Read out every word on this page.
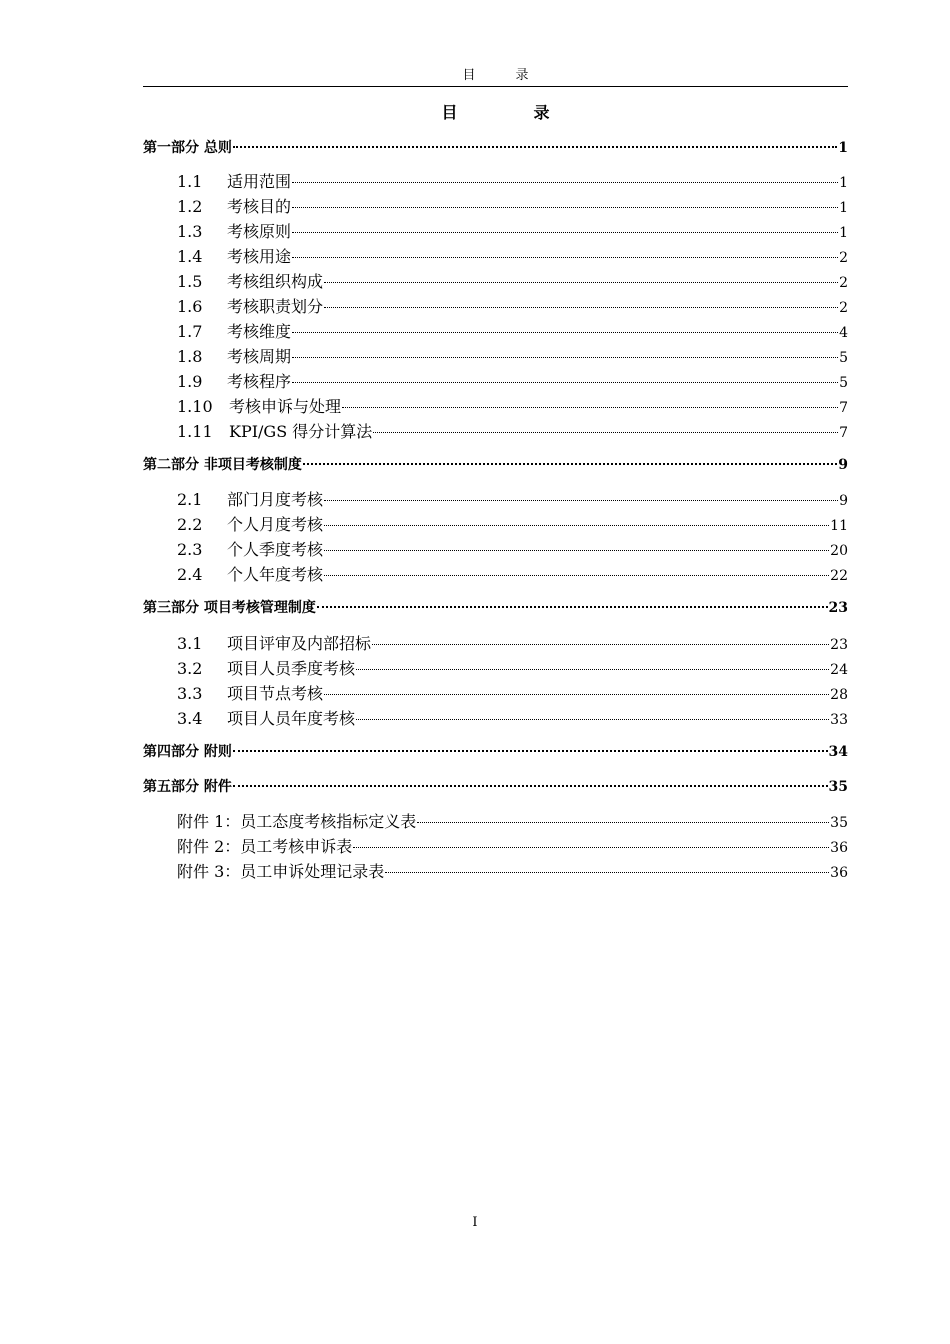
目	录
目	录
第一部分 总则	1
1.1	适用范围	1
1.2	考核目的	1
1.3	考核原则	1
1.4	考核用途	2
1.5	考核组织构成	2
1.6	考核职责划分	2
1.7	考核维度	4
1.8	考核周期	5
1.9	考核程序	5
1.10	考核申诉与处理	7
1.11	KPI/GS 得分计算法	7
第二部分 非项目考核制度	9
2.1	部门月度考核	9
2.2	个人月度考核	11
2.3	个人季度考核	20
2.4	个人年度考核	22
第三部分 项目考核管理制度	23
3.1	项目评审及内部招标	23
3.2	项目人员季度考核	24
3.3	项目节点考核	28
3.4	项目人员年度考核	33
第四部分 附则	34
第五部分 附件	35
附件 1：员工态度考核指标定义表	35
附件 2：员工考核申诉表	36
附件 3：员工申诉处理记录表	36
I
